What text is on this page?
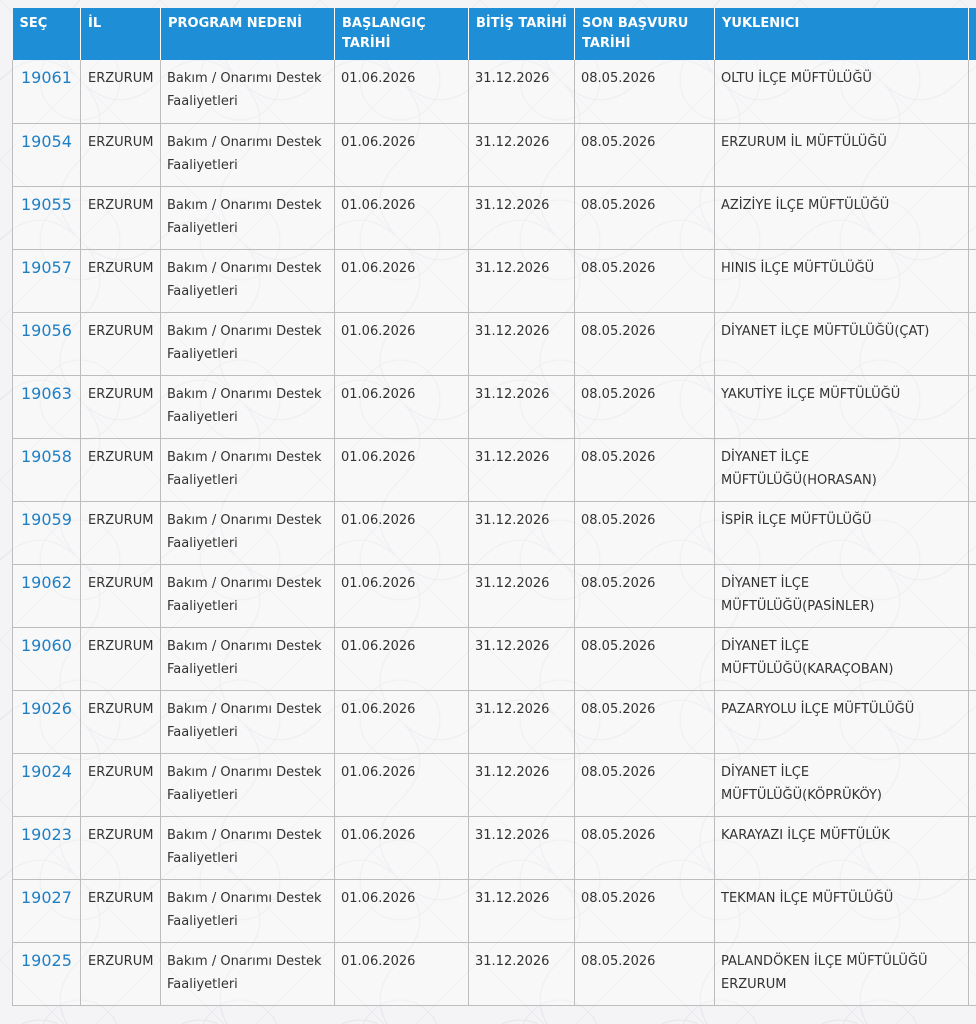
SEÇ	İL	PROGRAM NEDENİ	BAŞLANGIÇ TARİHİ	BİTİŞ TARİHİ	SON BAŞVURU TARİHİ	YUKLENICI	
19061	ERZURUM	Bakım / Onarımı Destek Faaliyetleri	01.06.2026	31.12.2026	08.05.2026	OLTU İLÇE MÜFTÜLÜĞÜ	
19054	ERZURUM	Bakım / Onarımı Destek Faaliyetleri	01.06.2026	31.12.2026	08.05.2026	ERZURUM İL MÜFTÜLÜĞÜ	
19055	ERZURUM	Bakım / Onarımı Destek Faaliyetleri	01.06.2026	31.12.2026	08.05.2026	AZİZİYE İLÇE MÜFTÜLÜĞÜ	
19057	ERZURUM	Bakım / Onarımı Destek Faaliyetleri	01.06.2026	31.12.2026	08.05.2026	HINIS İLÇE MÜFTÜLÜĞÜ	
19056	ERZURUM	Bakım / Onarımı Destek Faaliyetleri	01.06.2026	31.12.2026	08.05.2026	DİYANET İLÇE MÜFTÜLÜĞÜ(ÇAT)	
19063	ERZURUM	Bakım / Onarımı Destek Faaliyetleri	01.06.2026	31.12.2026	08.05.2026	YAKUTİYE İLÇE MÜFTÜLÜĞÜ	
19058	ERZURUM	Bakım / Onarımı Destek Faaliyetleri	01.06.2026	31.12.2026	08.05.2026	DİYANET İLÇE MÜFTÜLÜĞÜ(HORASAN)	
19059	ERZURUM	Bakım / Onarımı Destek Faaliyetleri	01.06.2026	31.12.2026	08.05.2026	İSPİR İLÇE MÜFTÜLÜĞÜ	
19062	ERZURUM	Bakım / Onarımı Destek Faaliyetleri	01.06.2026	31.12.2026	08.05.2026	DİYANET İLÇE MÜFTÜLÜĞÜ(PASİNLER)	
19060	ERZURUM	Bakım / Onarımı Destek Faaliyetleri	01.06.2026	31.12.2026	08.05.2026	DİYANET İLÇE MÜFTÜLÜĞÜ(KARAÇOBAN)	
19026	ERZURUM	Bakım / Onarımı Destek Faaliyetleri	01.06.2026	31.12.2026	08.05.2026	PAZARYOLU İLÇE MÜFTÜLÜĞÜ	
19024	ERZURUM	Bakım / Onarımı Destek Faaliyetleri	01.06.2026	31.12.2026	08.05.2026	DİYANET İLÇE MÜFTÜLÜĞÜ(KÖPRÜKÖY)	
19023	ERZURUM	Bakım / Onarımı Destek Faaliyetleri	01.06.2026	31.12.2026	08.05.2026	KARAYAZI İLÇE MÜFTÜLÜK	
19027	ERZURUM	Bakım / Onarımı Destek Faaliyetleri	01.06.2026	31.12.2026	08.05.2026	TEKMAN İLÇE MÜFTÜLÜĞÜ	
19025	ERZURUM	Bakım / Onarımı Destek Faaliyetleri	01.06.2026	31.12.2026	08.05.2026	PALANDÖKEN İLÇE MÜFTÜLÜĞÜ ERZURUM	
